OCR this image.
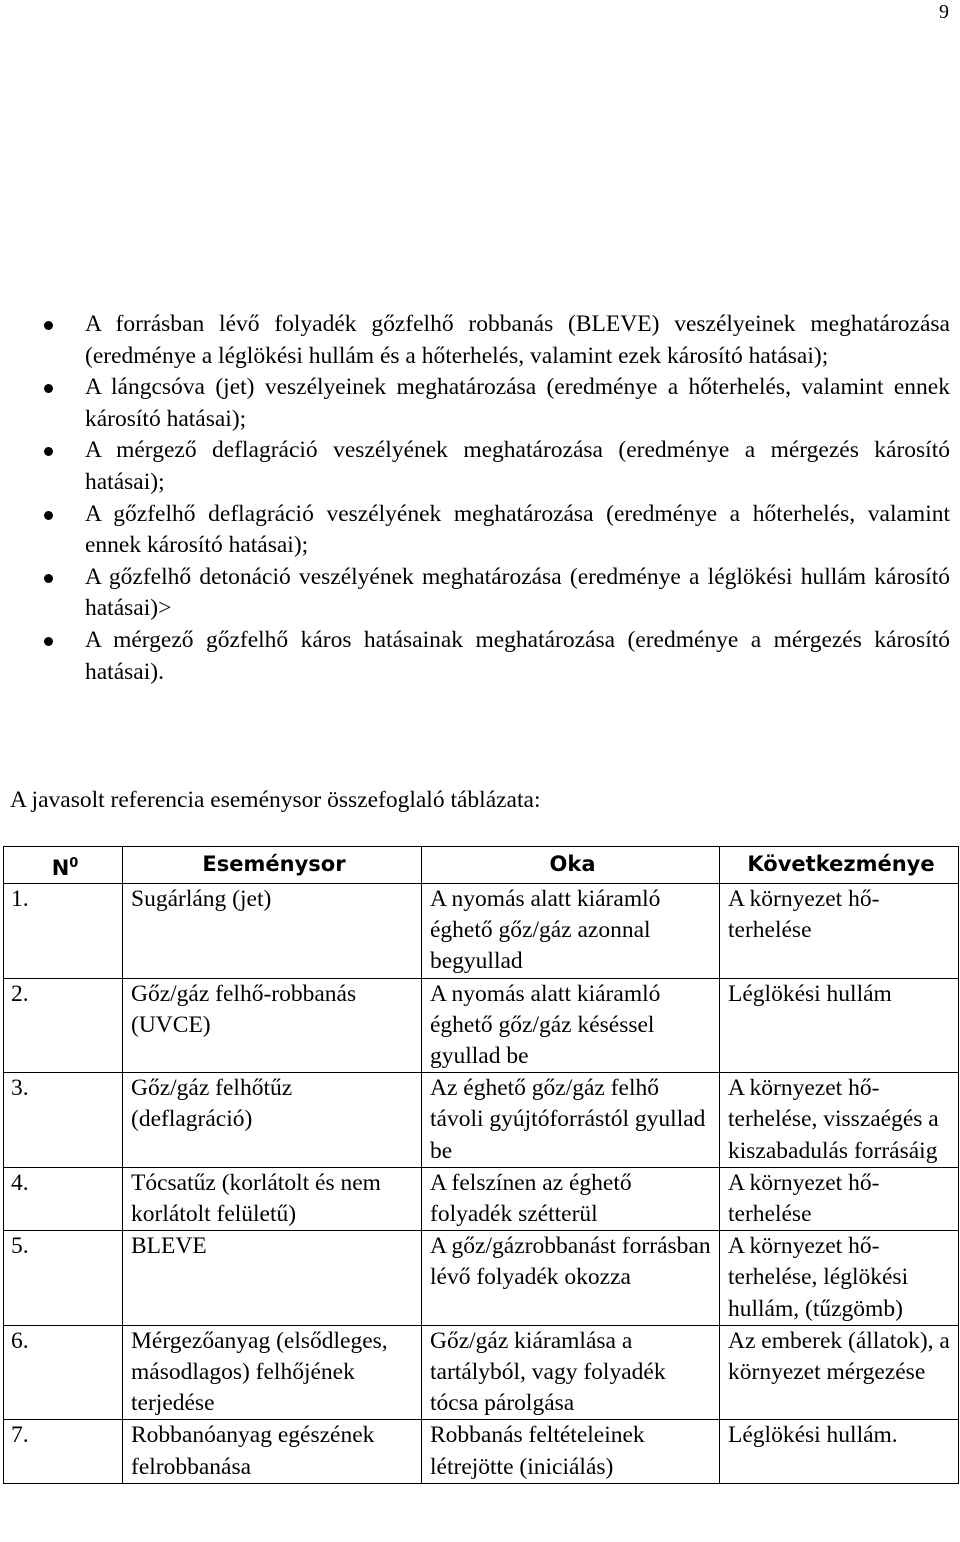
9
A forrásban lévő folyadék gőzfelhő robbanás (BLEVE) veszélyeinek meghatározása (eredménye a léglökési hullám és a hőterhelés, valamint ezek károsító hatásai);
A lángcsóva (jet) veszélyeinek meghatározása (eredménye a hőterhelés, valamint ennek károsító hatásai);
A mérgező deflagráció veszélyének meghatározása (eredménye a mérgezés károsító hatásai);
A gőzfelhő deflagráció veszélyének meghatározása (eredménye a hőterhelés, valamint ennek károsító hatásai);
A gőzfelhő detonáció veszélyének meghatározása (eredménye a léglökési hullám károsító hatásai)>
A mérgező gőzfelhő káros hatásainak meghatározása (eredménye a mérgezés károsító hatásai).
A javasolt referencia eseménysor összefoglaló táblázata:
$N^0$	Eseménysor	Oka	Következménye
1.	Sugárláng (jet)	A nyomás alatt kiáramló éghető gőz/gáz azonnal begyullad	A környezet hő-terhelése
2.	Gőz/gáz felhő-robbanás (UVCE)	A nyomás alatt kiáramló éghető gőz/gáz késéssel gyullad be	Léglökési hullám
3.	Gőz/gáz felhőtűz (deflagráció)	Az éghető gőz/gáz felhő távoli gyújtóforrástól gyullad be	A környezet hő-terhelése, visszaégés a kiszabadulás forrásáig
4.	Tócsatűz (korlátolt és nem korlátolt felületű)	A felszínen az éghető folyadék szétterül	A környezet hő-terhelése
5.	BLEVE	A gőz/gázrobbanást forrásban lévő folyadék okozza	A környezet hő-terhelése, léglökési hullám, (tűzgömb)
6.	Mérgezőanyag (elsődleges, másodlagos) felhőjének terjedése	Gőz/gáz kiáramlása a tartályból, vagy folyadék tócsa párolgása	Az emberek (állatok), a környezet mérgezése
7.	Robbanóanyag egészének felrobbanása	Robbanás feltételeinek létrejötte (iniciálás)	Léglökési hullám.
